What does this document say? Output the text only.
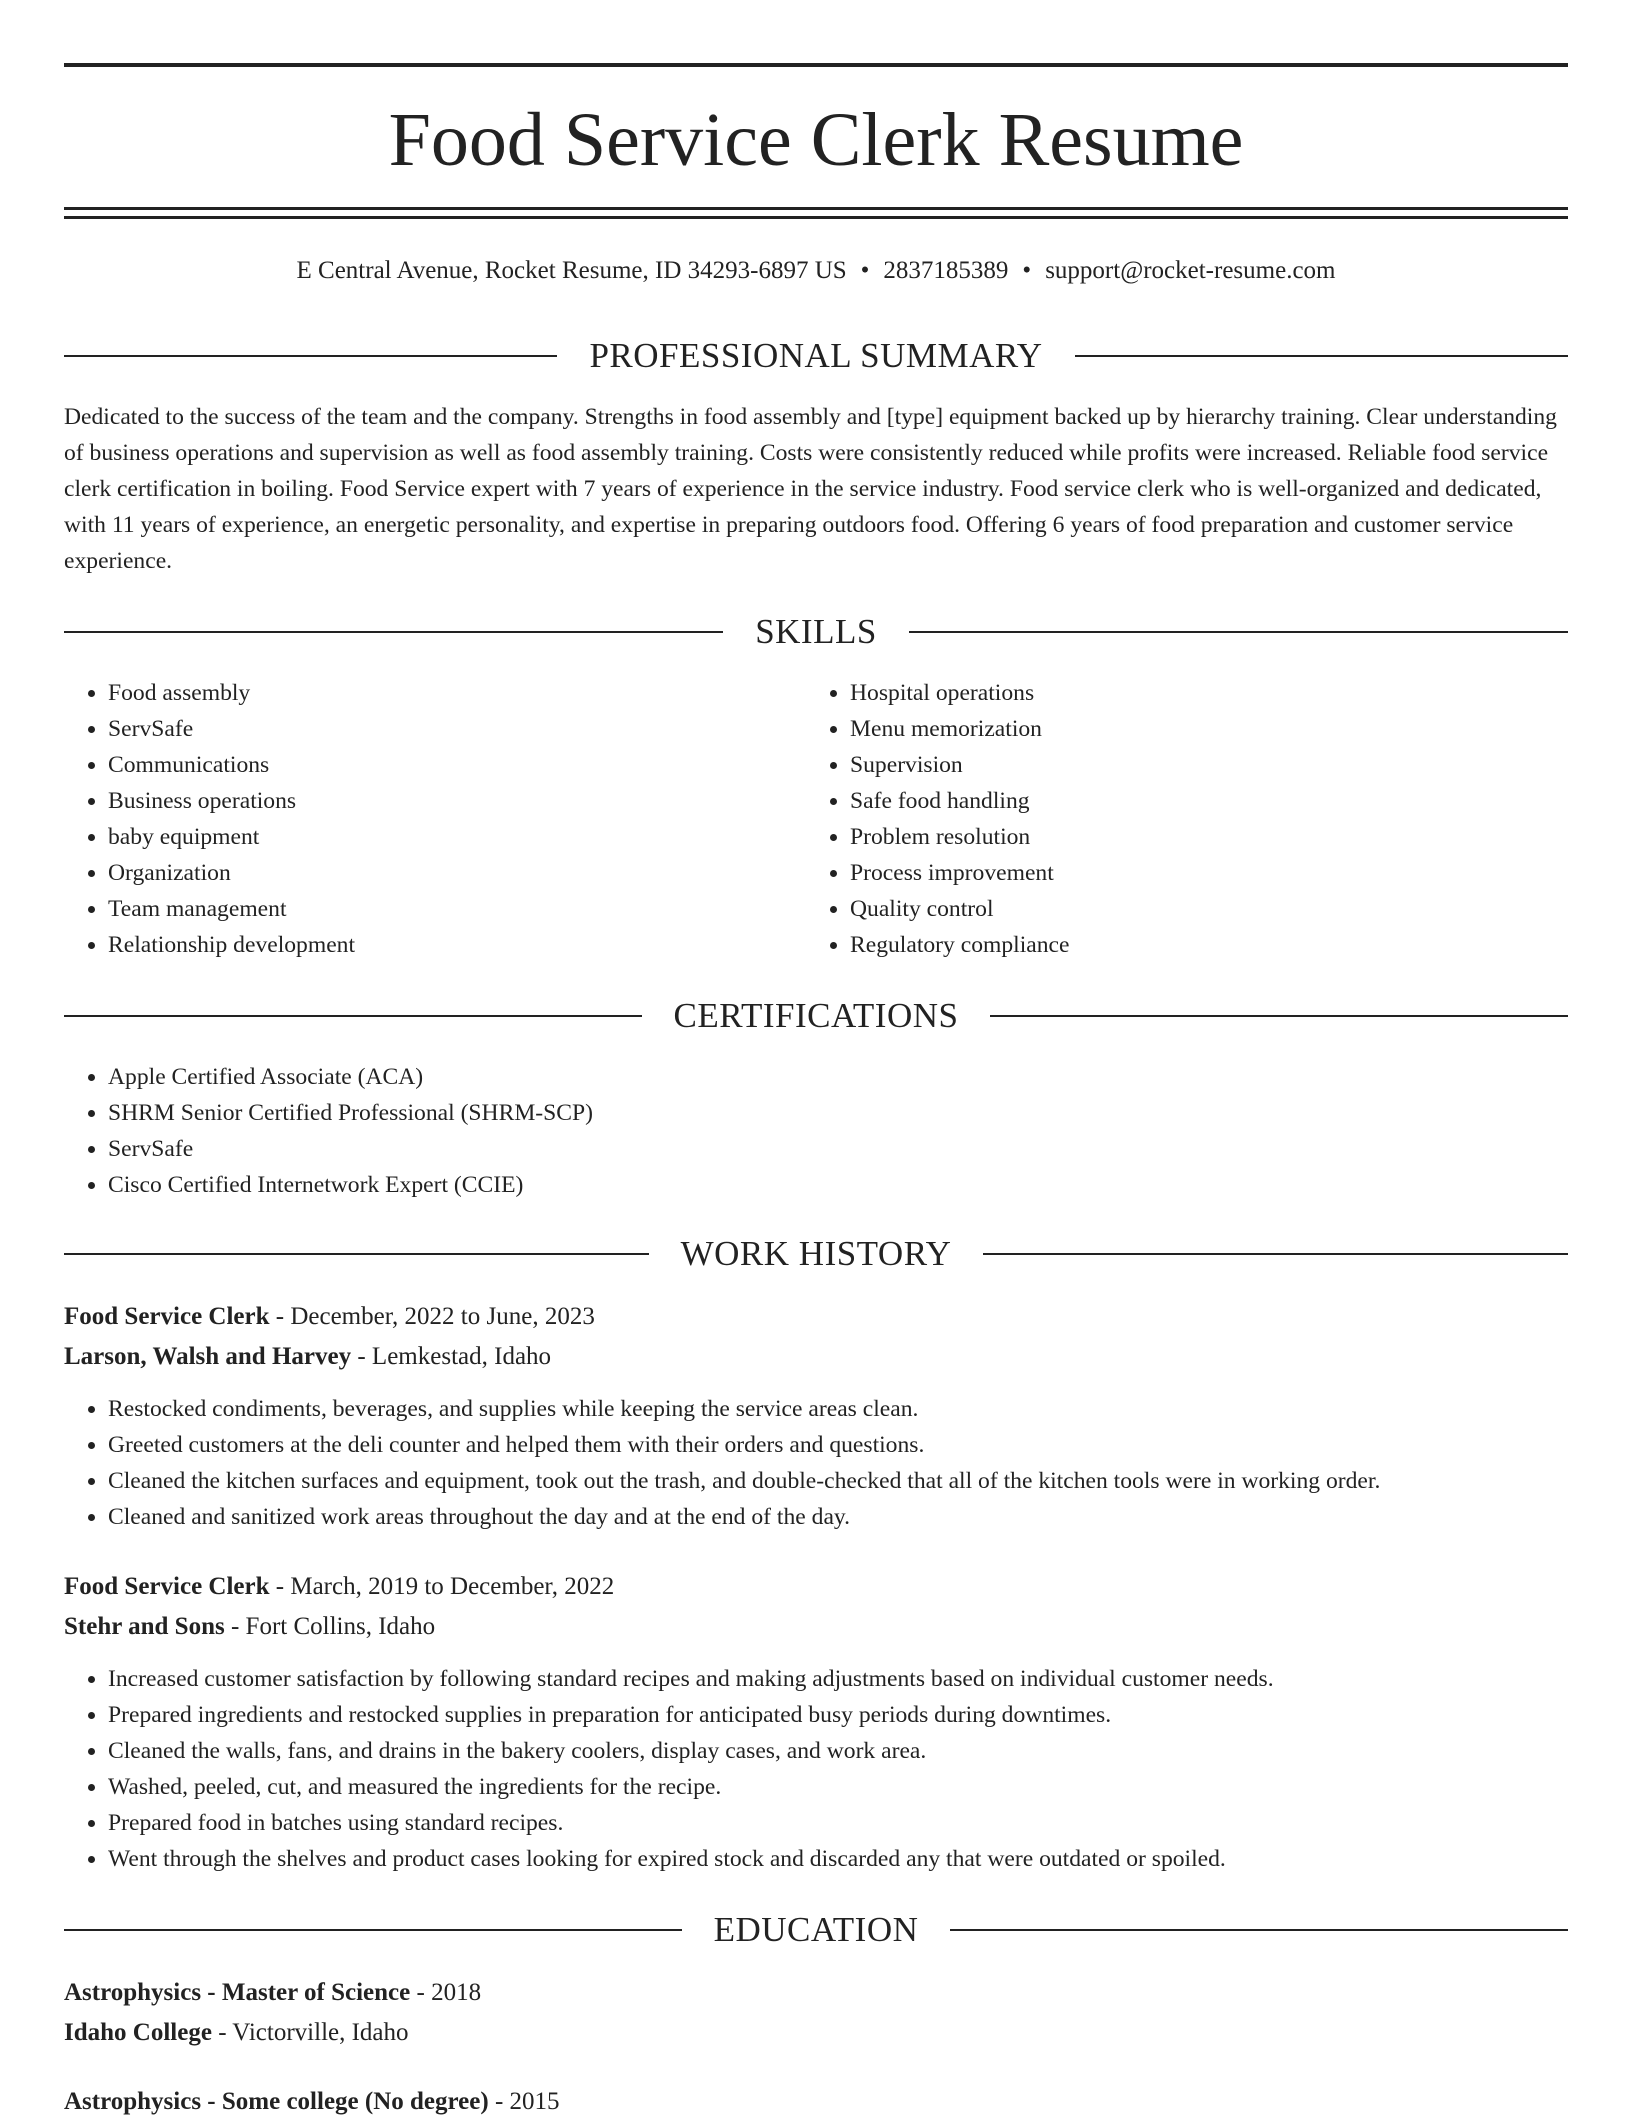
Food Service Clerk Resume
E Central Avenue, Rocket Resume, ID 34293-6897 US • 2837185389 • support@rocket-resume.com
PROFESSIONAL SUMMARY
Dedicated to the success of the team and the company. Strengths in food assembly and [type] equipment backed up by hierarchy training. Clear understanding of business operations and supervision as well as food assembly training. Costs were consistently reduced while profits were increased. Reliable food service clerk certification in boiling. Food Service expert with 7 years of experience in the service industry. Food service clerk who is well-organized and dedicated, with 11 years of experience, an energetic personality, and expertise in preparing outdoors food. Offering 6 years of food preparation and customer service experience.
SKILLS
• Food assembly
• ServSafe
• Communications
• Business operations
• baby equipment
• Organization
• Team management
• Relationship development
• Hospital operations
• Menu memorization
• Supervision
• Safe food handling
• Problem resolution
• Process improvement
• Quality control
• Regulatory compliance
CERTIFICATIONS
• Apple Certified Associate (ACA)
• SHRM Senior Certified Professional (SHRM-SCP)
• ServSafe
• Cisco Certified Internetwork Expert (CCIE)
WORK HISTORY
Food Service Clerk - December, 2022 to June, 2023
Larson, Walsh and Harvey - Lemkestad, Idaho
• Restocked condiments, beverages, and supplies while keeping the service areas clean.
• Greeted customers at the deli counter and helped them with their orders and questions.
• Cleaned the kitchen surfaces and equipment, took out the trash, and double-checked that all of the kitchen tools were in working order.
• Cleaned and sanitized work areas throughout the day and at the end of the day.
Food Service Clerk - March, 2019 to December, 2022
Stehr and Sons - Fort Collins, Idaho
• Increased customer satisfaction by following standard recipes and making adjustments based on individual customer needs.
• Prepared ingredients and restocked supplies in preparation for anticipated busy periods during downtimes.
• Cleaned the walls, fans, and drains in the bakery coolers, display cases, and work area.
• Washed, peeled, cut, and measured the ingredients for the recipe.
• Prepared food in batches using standard recipes.
• Went through the shelves and product cases looking for expired stock and discarded any that were outdated or spoiled.
EDUCATION
Astrophysics - Master of Science - 2018
Idaho College - Victorville, Idaho
Astrophysics - Some college (No degree) - 2015
